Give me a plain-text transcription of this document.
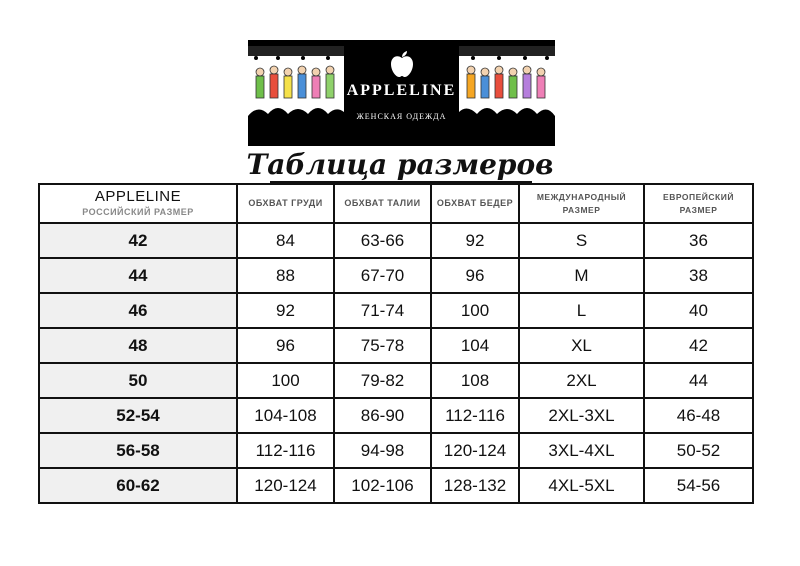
APPLELINE
ЖЕНСКАЯ ОДЕЖДА
Таблица размеров
APPLELINE
РОССИЙСКИЙ РАЗМЕР	ОБХВАТ ГРУДИ	ОБХВАТ ТАЛИИ	ОБХВАТ БЕДЕР	МЕЖДУНАРОДНЫЙ РАЗМЕР	ЕВРОПЕЙСКИЙ РАЗМЕР

42	84	63-66	92	S	36
44	88	67-70	96	M	38
46	92	71-74	100	L	40
48	96	75-78	104	XL	42
50	100	79-82	108	2XL	44
52-54	104-108	86-90	112-116	2XL-3XL	46-48
56-58	112-116	94-98	120-124	3XL-4XL	50-52
60-62	120-124	102-106	128-132	4XL-5XL	54-56
